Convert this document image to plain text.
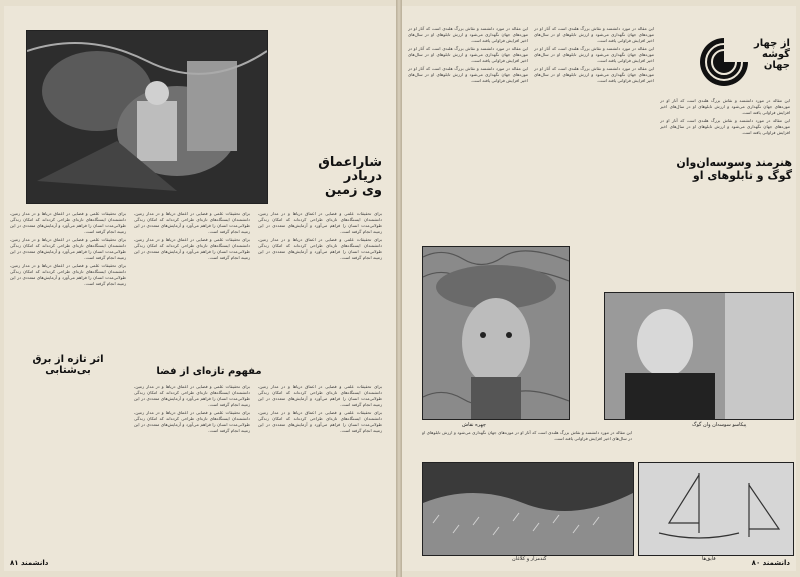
شاراعماق
دریادر
وی زمین

برای تحقیقات علمی و فضایی در اعماق دریاها و در مدار زمین، دانشمندان ایستگاه‌های تازه‌ای طراحی کرده‌اند که امکان زندگی طولانی‌مدت انسان را فراهم می‌آورد و آزمایش‌های متعددی در این زمینه انجام گرفته است.

برای تحقیقات علمی و فضایی در اعماق دریاها و در مدار زمین، دانشمندان ایستگاه‌های تازه‌ای طراحی کرده‌اند که امکان زندگی طولانی‌مدت انسان را فراهم می‌آورد و آزمایش‌های متعددی در این زمینه انجام گرفته است.

برای تحقیقات علمی و فضایی در اعماق دریاها و در مدار زمین، دانشمندان ایستگاه‌های تازه‌ای طراحی کرده‌اند که امکان زندگی طولانی‌مدت انسان را فراهم می‌آورد و آزمایش‌های متعددی در این زمینه انجام گرفته است.

برای تحقیقات علمی و فضایی در اعماق دریاها و در مدار زمین، دانشمندان ایستگاه‌های تازه‌ای طراحی کرده‌اند که امکان زندگی طولانی‌مدت انسان را فراهم می‌آورد و آزمایش‌های متعددی در این زمینه انجام گرفته است.

برای تحقیقات علمی و فضایی در اعماق دریاها و در مدار زمین، دانشمندان ایستگاه‌های تازه‌ای طراحی کرده‌اند که امکان زندگی طولانی‌مدت انسان را فراهم می‌آورد و آزمایش‌های متعددی در این زمینه انجام گرفته است.

برای تحقیقات علمی و فضایی در اعماق دریاها و در مدار زمین، دانشمندان ایستگاه‌های تازه‌ای طراحی کرده‌اند که امکان زندگی طولانی‌مدت انسان را فراهم می‌آورد و آزمایش‌های متعددی در این زمینه انجام گرفته است.

برای تحقیقات علمی و فضایی در اعماق دریاها و در مدار زمین، دانشمندان ایستگاه‌های تازه‌ای طراحی کرده‌اند که امکان زندگی طولانی‌مدت انسان را فراهم می‌آورد و آزمایش‌های متعددی در این زمینه انجام گرفته است.

اثر تازه از برق بی‌شتابی	مفهوم تازه‌ای از فضا

برای تحقیقات علمی و فضایی در اعماق دریاها و در مدار زمین، دانشمندان ایستگاه‌های تازه‌ای طراحی کرده‌اند که امکان زندگی طولانی‌مدت انسان را فراهم می‌آورد و آزمایش‌های متعددی در این زمینه انجام گرفته است.

برای تحقیقات علمی و فضایی در اعماق دریاها و در مدار زمین، دانشمندان ایستگاه‌های تازه‌ای طراحی کرده‌اند که امکان زندگی طولانی‌مدت انسان را فراهم می‌آورد و آزمایش‌های متعددی در این زمینه انجام گرفته است.

برای تحقیقات علمی و فضایی در اعماق دریاها و در مدار زمین، دانشمندان ایستگاه‌های تازه‌ای طراحی کرده‌اند که امکان زندگی طولانی‌مدت انسان را فراهم می‌آورد و آزمایش‌های متعددی در این زمینه انجام گرفته است.

برای تحقیقات علمی و فضایی در اعماق دریاها و در مدار زمین، دانشمندان ایستگاه‌های تازه‌ای طراحی کرده‌اند که امکان زندگی طولانی‌مدت انسان را فراهم می‌آورد و آزمایش‌های متعددی در این زمینه انجام گرفته است.

۸۱ دانشمند

این مقاله در مورد دانشمند و نقاش بزرگ هلندی است که آثار او در موزه‌های جهان نگهداری می‌شود و ارزش تابلوهای او در سال‌های اخیر افزایش فراوانی یافته است.

این مقاله در مورد دانشمند و نقاش بزرگ هلندی است که آثار او در موزه‌های جهان نگهداری می‌شود و ارزش تابلوهای او در سال‌های اخیر افزایش فراوانی یافته است.

این مقاله در مورد دانشمند و نقاش بزرگ هلندی است که آثار او در موزه‌های جهان نگهداری می‌شود و ارزش تابلوهای او در سال‌های اخیر افزایش فراوانی یافته است.

این مقاله در مورد دانشمند و نقاش بزرگ هلندی است که آثار او در موزه‌های جهان نگهداری می‌شود و ارزش تابلوهای او در سال‌های اخیر افزایش فراوانی یافته است.

این مقاله در مورد دانشمند و نقاش بزرگ هلندی است که آثار او در موزه‌های جهان نگهداری می‌شود و ارزش تابلوهای او در سال‌های اخیر افزایش فراوانی یافته است.

این مقاله در مورد دانشمند و نقاش بزرگ هلندی است که آثار او در موزه‌های جهان نگهداری می‌شود و ارزش تابلوهای او در سال‌های اخیر افزایش فراوانی یافته است.

این مقاله در مورد دانشمند و نقاش بزرگ هلندی است که آثار او در موزه‌های جهان نگهداری می‌شود و ارزش تابلوهای او در سال‌های اخیر افزایش فراوانی یافته است.

این مقاله در مورد دانشمند و نقاش بزرگ هلندی است که آثار او در موزه‌های جهان نگهداری می‌شود و ارزش تابلوهای او در سال‌های اخیر افزایش فراوانی یافته است.

از چهار گوشه جهان
هنرمند وسوسه‌ان‌وان گوگ و تابلوهای او
چهره نقاش	پیکاسو سوسه‌ان وان گوگ
گندمزار و کلاغان	قایق‌ها

این مقاله در مورد دانشمند و نقاش بزرگ هلندی است که آثار او در موزه‌های جهان نگهداری می‌شود و ارزش تابلوهای او در سال‌های اخیر افزایش فراوانی یافته است.

۸۰ دانشمند
